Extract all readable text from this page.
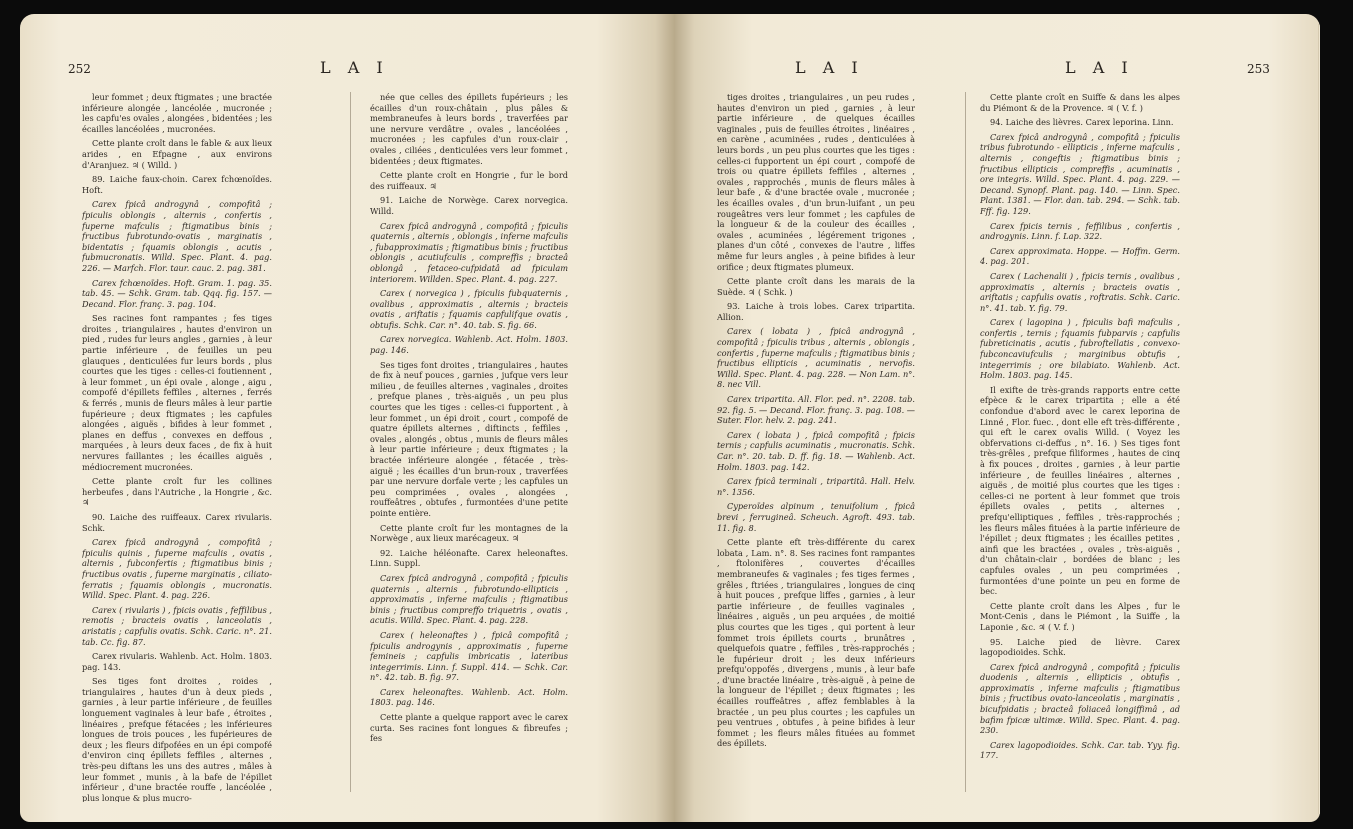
252	L A I

leur fommet ; deux ftigmates ; une bractée inférieure alongée , lancéolée , mucronée ; les capfu'es ovales , alongées , bidentées ; les écailles lancéolées , mucronées.

Cette plante croît dans le fable & aux lieux arides , en Efpagne , aux environs d'Aranjuez. ♃ ( Willd. )

89. Laiche faux-choin. Carex fchœnoïdes. Hoft.

Carex fpicâ androgynâ , compofitâ ; fpiculis oblongis , alternis , confertis , fuperne mafculis ; ftigmatibus binis ; fructibus fubrotundo-ovatis , marginatis , bidentatis ; fquamis oblongis , acutis , fubmucronatis. Willd. Spec. Plant. 4. pag. 226. — Marfch. Flor. taur. cauc. 2. pag. 381.

Carex fchœnoïdes. Hoft. Gram. 1. pag. 35. tab. 45. — Schk. Gram. tab. Qqq. fig. 157. — Decand. Flor. franç. 3. pag. 104.

Ses racines font rampantes ; fes tiges droites , triangulaires , hautes d'environ un pied , rudes fur leurs angles , garnies , à leur partie inférieure , de feuilles un peu glauques , denticulées fur leurs bords , plus courtes que les tiges : celles-ci foutiennent , à leur fommet , un épi ovale , alonge , aigu , compofé d'épillets feffiles , alternes , ferrés & ferrés , munis de fleurs mâles à leur partie fupérieure ; deux ftigmates ; les capfules alongées , aiguës , bifides à leur fommet , planes en deffus , convexes en deffous , marquées , à leurs deux faces , de fix à huit nervures faillantes ; les écailles aiguës , médiocrement mucronées.

Cette plante croît fur les collines herbeufes , dans l'Autriche , la Hongrie , &c. ♃

90. Laiche des ruiffeaux. Carex rivularis. Schk.

Carex fpicâ androgynâ , compofitâ ; fpiculis quinis , fuperne mafculis , ovatis , alternis , fubconfertis ; ftigmatibus binis ; fructibus ovatis , fuperne marginatis , ciliato-ferratis ; fquamis oblongis , mucronatis. Willd. Spec. Plant. 4. pag. 226.

Carex ( rivularis ) , fpicis ovatis , feffilibus , remotis ; bracteis ovatis , lanceolatis , aristatis ; capfulis ovatis. Schk. Caric. n°. 21. tab. Cc. fig. 87.

Carex rivularis. Wahlenb. Act. Holm. 1803. pag. 143.

Ses tiges font droites , roides , triangulaires , hautes d'un à deux pieds , garnies , à leur partie inférieure , de feuilles longuement vaginales à leur bafe , étroites , linéaires , prefque fétacées ; les inférieures longues de trois pouces , les fupérieures de deux ; les fleurs difpofées en un épi compofé d'environ cinq épillets feffiles , alternes , très-peu diftans les uns des autres , mâles à leur fommet , munis , à la bafe de l'épillet inférieur , d'une bractée rouffe , lancéolée , plus longue & plus mucro-

née que celles des épillets fupérieurs ; les écailles d'un roux-châtain , plus pâles & membraneufes à leurs bords , traverfées par une nervure verdâtre , ovales , lancéolées , mucronées ; les capfules d'un roux-clair , ovales , ciliées , denticulées vers leur fommet , bidentées ; deux ftigmates.

Cette plante croît en Hongrie , fur le bord des ruiffeaux. ♃

91. Laiche de Norwège. Carex norvegica. Willd.

Carex fpicâ androgynâ , compofitâ ; fpiculis quaternis , alternis , oblongis , inferne mafculis , fubapproximatis ; ftigmatibus binis ; fructibus oblongis , acutiufculis , compreffis ; bracteâ oblongâ , fetaceo-cufpidatâ ad fpiculam interiorem. Willden. Spec. Plant. 4. pag. 227.

Carex ( norvegica ) , fpiculis fubquaternis , ovalibus , approximatis , alternis ; bracteis ovatis , ariftatis ; fquamis capfulifque ovatis , obtufis. Schk. Car. n°. 40. tab. S. fig. 66.

Carex norvegica. Wahlenb. Act. Holm. 1803. pag. 146.

Ses tiges font droites , triangulaires , hautes de fix à neuf pouces , garnies , jufque vers leur milieu , de feuilles alternes , vaginales , droites , prefque planes , très-aiguës , un peu plus courtes que les tiges : celles-ci fupportent , à leur fommet , un épi droit , court , compofé de quatre épillets alternes , diftincts , feffiles , ovales , alongés , obtus , munis de fleurs mâles à leur partie inférieure ; deux ftigmates ; la bractée inférieure alongée , fétacée , très-aiguë ; les écailles d'un brun-roux , traverfées par une nervure dorfale verte ; les capfules un peu comprimées , ovales , alongées , rouffeâtres , obtufes , furmontées d'une petite pointe entière.

Cette plante croît fur les montagnes de la Norwège , aux lieux marécageux. ♃

92. Laiche héléonafte. Carex heleonaftes. Linn. Suppl.

Carex fpicâ androgynâ , compofitâ ; fpiculis quaternis , alternis , fubrotundo-ellipticis , approximatis , inferne mafculis ; ftigmatibus binis ; fructibus compreffo triquetris , ovatis , acutis. Willd. Spec. Plant. 4. pag. 228.

Carex ( heleonaftes ) , fpicâ compofitâ ; fpiculis androgynis , approximatis , fuperne femineis ; capfulis imbricatis , lateribus integerrimis. Linn. f. Suppl. 414. — Schk. Car. n°. 42. tab. B. fig. 97.

Carex heleonaftes. Wahlenb. Act. Holm. 1803. pag. 146.

Cette plante a quelque rapport avec le carex curta. Ses racines font longues & fibreufes ; fes

L A I	L A I	253

tiges droites , triangulaires , un peu rudes , hautes d'environ un pied , garnies , à leur partie inférieure , de quelques écailles vaginales , puis de feuilles étroites , linéaires , en carène , acuminées , rudes , denticulées à leurs bords , un peu plus courtes que les tiges : celles-ci fupportent un épi court , compofé de trois ou quatre épillets feffiles , alternes , ovales , rapprochés , munis de fleurs mâles à leur bafe , & d'une bractée ovale , mucronée ; les écailles ovales , d'un brun-luifant , un peu rougeâtres vers leur fommet ; les capfules de la longueur & de la couleur des écailles , ovales , acuminées , légérement trigones , planes d'un côté , convexes de l'autre , liffes même fur leurs angles , à peine bifides à leur orifice ; deux ftigmates plumeux.

Cette plante croît dans les marais de la Suède. ♃ ( Schk. )

93. Laiche à trois lobes. Carex tripartita. Allion.

Carex ( lobata ) , fpicâ androgynâ , compofitâ ; fpiculis tribus , alternis , oblongis , confertis , fuperne mafculis ; ftigmatibus binis ; fructibus ellipticis , acuminatis , nervofis. Willd. Spec. Plant. 4. pag. 228. — Non Lam. n°. 8. nec Vill.

Carex tripartita. All. Flor. ped. n°. 2208. tab. 92. fig. 5. — Decand. Flor. franç. 3. pag. 108. — Suter. Flor. helv. 2. pag. 241.

Carex ( lobata ) , fpicâ compofitâ ; fpicis ternis ; capfulis acuminatis , mucronatis. Schk. Car. n°. 20. tab. D. ff. fig. 18. — Wahlenb. Act. Holm. 1803. pag. 142.

Carex fpicâ terminali , tripartitâ. Hall. Helv. n°. 1356.

Cyperoïdes alpinum , tenuifolium , fpicâ brevi , ferrugineâ. Scheuch. Agroft. 493. tab. 11. fig. 8.

Cette plante eft très-différente du carex lobata , Lam. n°. 8. Ses racines font rampantes , ftolonifères , couvertes d'écailles membraneufes & vaginales ; fes tiges fermes , grêles , ftriées , triangulaires , longues de cinq à huit pouces , prefque liffes , garnies , à leur partie inférieure , de feuilles vaginales , linéaires , aiguës , un peu arquées , de moitié plus courtes que les tiges , qui portent à leur fommet trois épillets courts , brunâtres , quelquefois quatre , feffiles , très-rapprochés ; le fupérieur droit ; les deux inférieurs prefqu'oppofés , divergens , munis , à leur bafe , d'une bractée linéaire , très-aiguë , à peine de la longueur de l'épillet ; deux ftigmates ; les écailles rouffeâtres , affez femblables à la bractée , un peu plus courtes ; les capfules un peu ventrues , obtufes , à peine bifides à leur fommet ; les fleurs mâles fituées au fommet des épillets.

Cette plante croît en Suiffe & dans les alpes du Piémont & de la Provence. ♃ ( V. f. )

94. Laiche des lièvres. Carex leporina. Linn.

Carex fpicâ androgynâ , compofitâ ; fpiculis tribus fubrotundo - ellipticis , inferne mafculis , alternis , congeftis ; ftigmatibus binis ; fructibus ellipticis , compreffis , acuminatis , ore integris. Willd. Spec. Plant. 4. pag. 229. — Decand. Synopf. Plant. pag. 140. — Linn. Spec. Plant. 1381. — Flor. dan. tab. 294. — Schk. tab. Fff. fig. 129.

Carex fpicis ternis , feffilibus , confertis , androgynis. Linn. f. Lap. 322.

Carex approximata. Hoppe. — Hoffm. Germ. 4. pag. 201.

Carex ( Lachenalii ) , fpicis ternis , ovalibus , approximatis , alternis ; bracteis ovatis , ariftatis ; capfulis ovatis , roftratis. Schk. Caric. n°. 41. tab. Y. fig. 79.

Carex ( lagopina ) , fpiculis bafi mafculis , confertis , ternis ; fquamis fubparvis ; capfulis fubreticinatis , acutis , fubroftellatis , convexo-fubconcaviufculis ; marginibus obtufis , integerrimis ; ore bilabiato. Wahlenb. Act. Holm. 1803. pag. 145.

Il exifte de très-grands rapports entre cette efpèce & le carex tripartita ; elle a été confondue d'abord avec le carex leporina de Linné , Flor. fuec. , dont elle eft très-différente , qui eft le carex ovalis Willd. ( Voyez les obfervations ci-deffus , n°. 16. ) Ses tiges font très-grêles , prefque filiformes , hautes de cinq à fix pouces , droites , garnies , à leur partie inférieure , de feuilles linéaires , alternes , aiguës , de moitié plus courtes que les tiges : celles-ci ne portent à leur fommet que trois épillets ovales , petits , alternes , prefqu'elliptiques , feffiles , très-rapprochés ; les fleurs mâles fituées à la partie inférieure de l'épillet ; deux ftigmates ; les écailles petites , ainfi que les bractées , ovales , très-aiguës , d'un châtain-clair , bordées de blanc ; les capfules ovales , un peu comprimées , furmontées d'une pointe un peu en forme de bec.

Cette plante croît dans les Alpes , fur le Mont-Cenis , dans le Piémont , la Suiffe , la Laponie , &c. ♃ ( V. f. )

95. Laiche pied de lièvre. Carex lagopodioides. Schk.

Carex fpicâ androgynâ , compofitâ ; fpiculis duodenis , alternis , ellipticis , obtufis , approximatis , inferne mafculis ; ftigmatibus binis ; fructibus ovato-lanceolatis , marginatis , bicufpidatis ; bracteâ foliaceâ longiffimâ , ad bafim fpicæ ultimæ. Willd. Spec. Plant. 4. pag. 230.

Carex lagopodioides. Schk. Car. tab. Yyy. fig. 177.
